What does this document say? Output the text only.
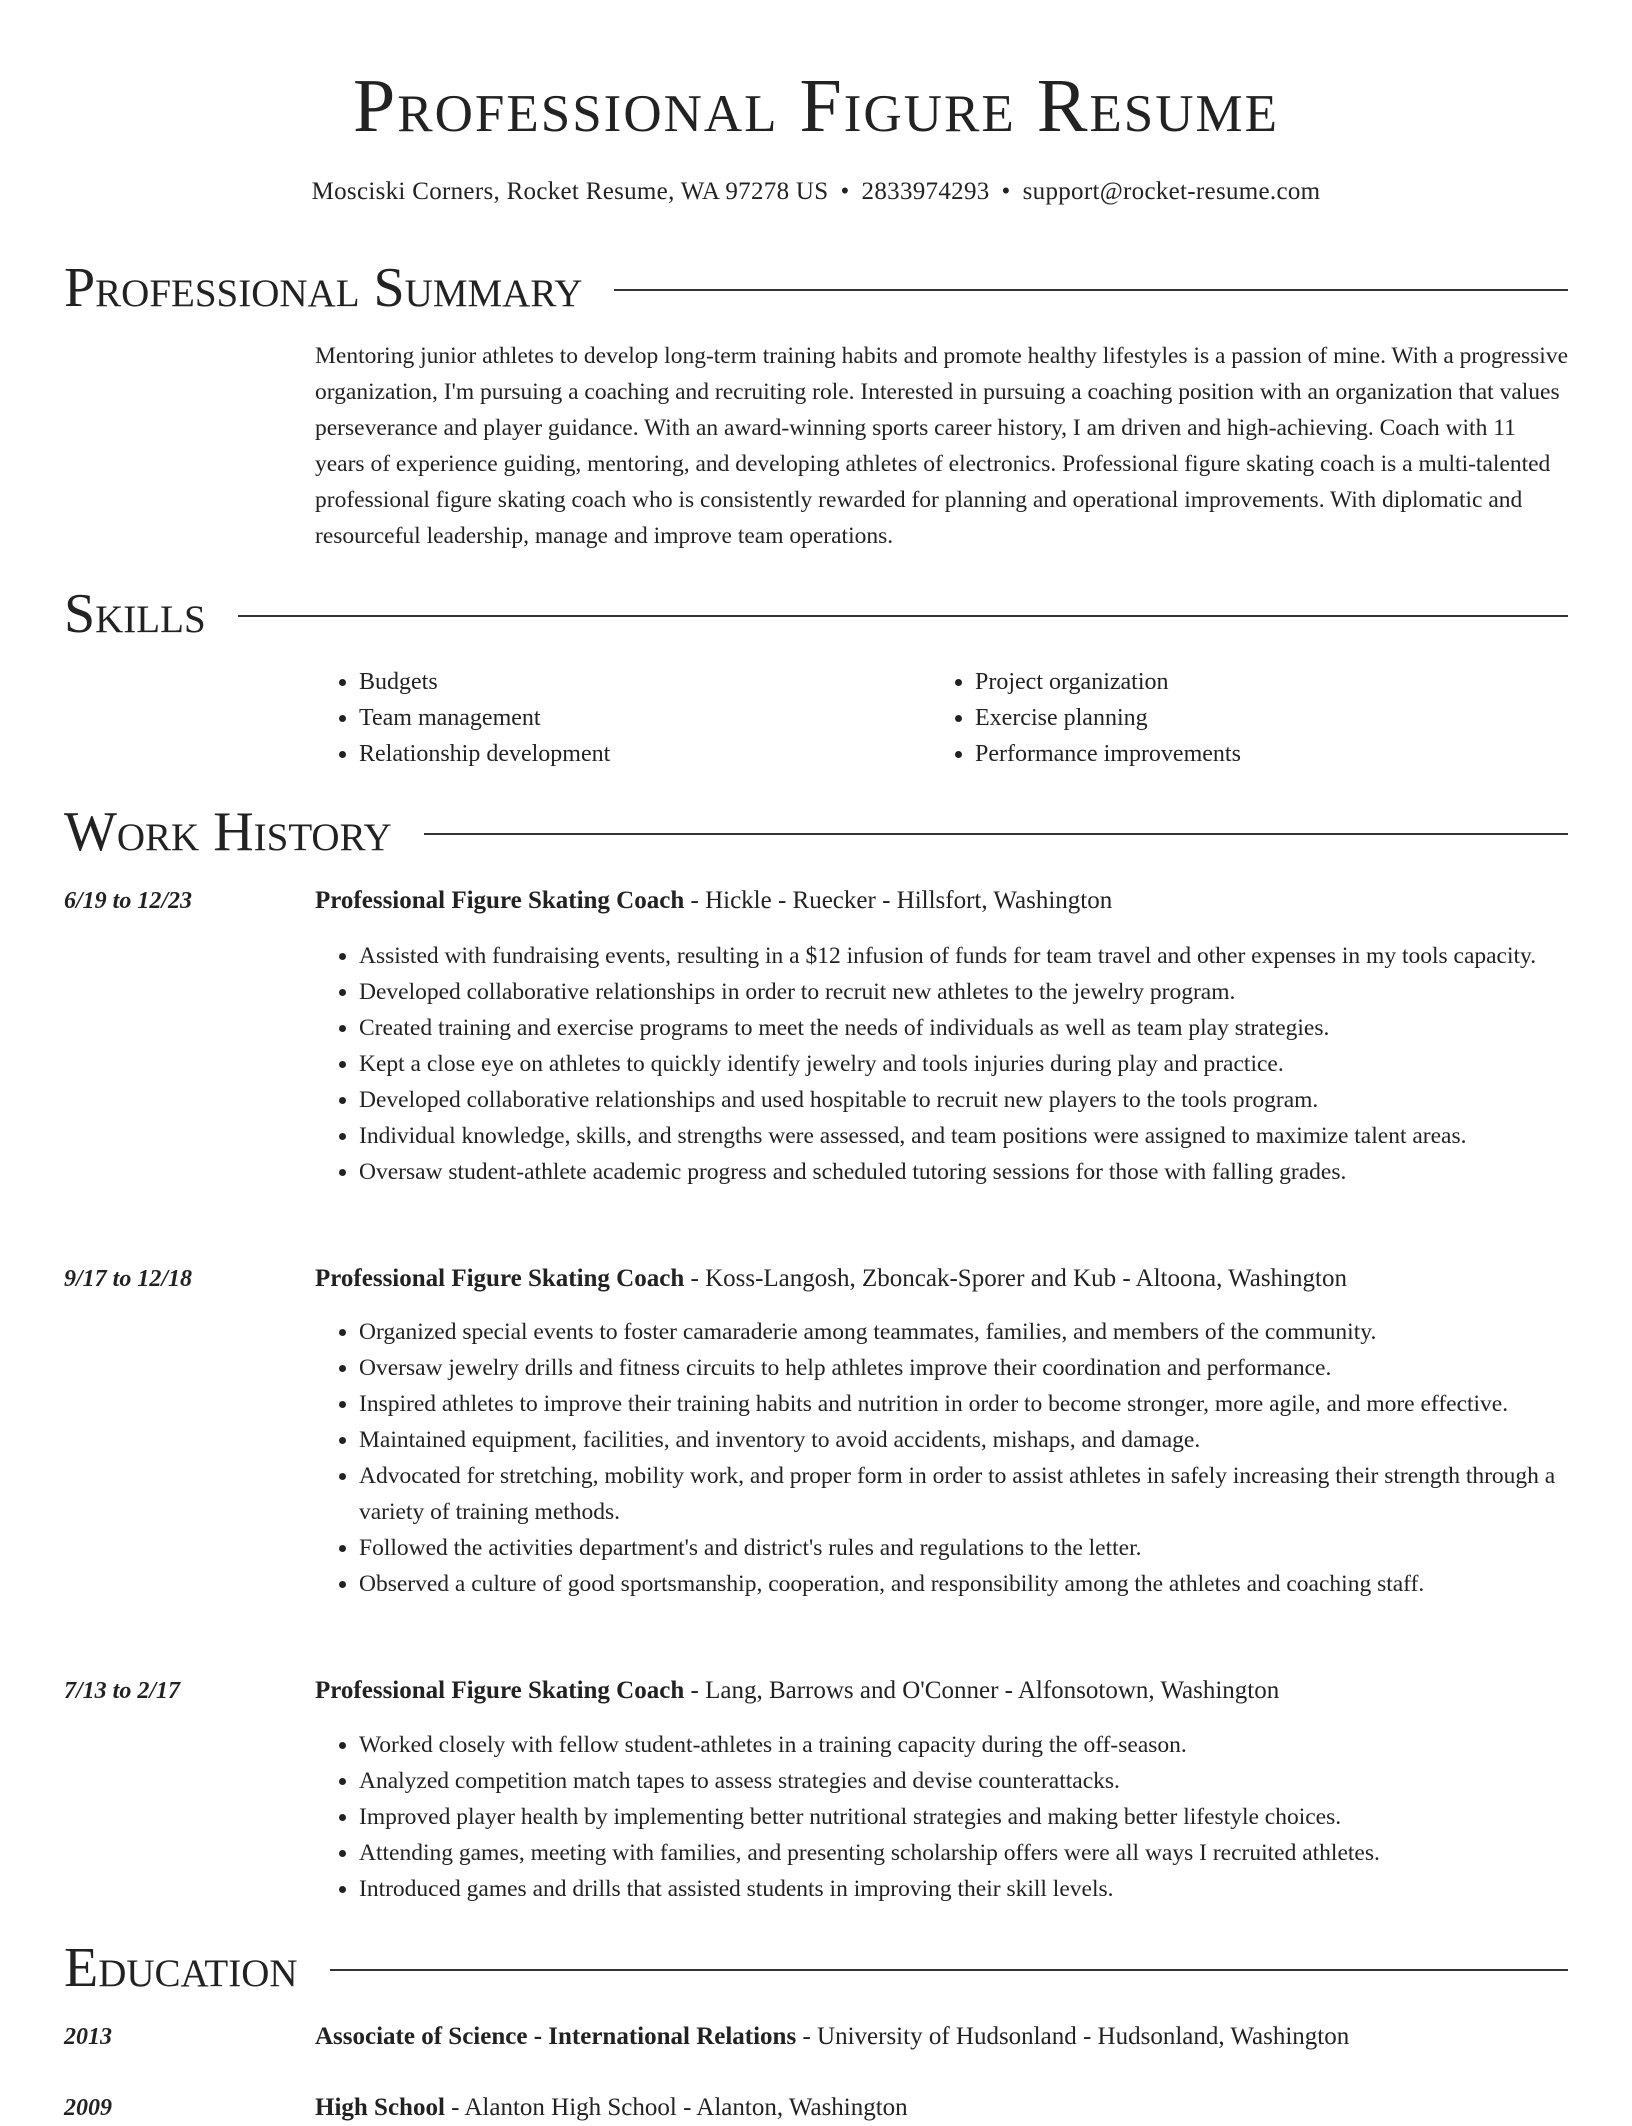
Professional Figure Resume
Mosciski Corners, Rocket Resume, WA 97278 US • 2833974293 • support@rocket-resume.com
Professional Summary

Mentoring junior athletes to develop long-term training habits and promote healthy lifestyles is a passion of mine. With a progressive organization, I'm pursuing a coaching and recruiting role. Interested in pursuing a coaching position with an organization that values perseverance and player guidance. With an award-winning sports career history, I am driven and high-achieving. Coach with 11 years of experience guiding, mentoring, and developing athletes of electronics. Professional figure skating coach is a multi-talented professional figure skating coach who is consistently rewarded for planning and operational improvements. With diplomatic and resourceful leadership, manage and improve team operations.

Skills
• Budgets
• Team management
• Relationship development
• Project organization
• Exercise planning
• Performance improvements
Work History
6/19 to 12/23	Professional Figure Skating Coach - Hickle - Ruecker - Hillsfort, Washington
• Assisted with fundraising events, resulting in a $12 infusion of funds for team travel and other expenses in my tools capacity.
• Developed collaborative relationships in order to recruit new athletes to the jewelry program.
• Created training and exercise programs to meet the needs of individuals as well as team play strategies.
• Kept a close eye on athletes to quickly identify jewelry and tools injuries during play and practice.
• Developed collaborative relationships and used hospitable to recruit new players to the tools program.
• Individual knowledge, skills, and strengths were assessed, and team positions were assigned to maximize talent areas.
• Oversaw student-athlete academic progress and scheduled tutoring sessions for those with falling grades.
9/17 to 12/18	Professional Figure Skating Coach - Koss-Langosh, Zboncak-Sporer and Kub - Altoona, Washington
• Organized special events to foster camaraderie among teammates, families, and members of the community.
• Oversaw jewelry drills and fitness circuits to help athletes improve their coordination and performance.
• Inspired athletes to improve their training habits and nutrition in order to become stronger, more agile, and more effective.
• Maintained equipment, facilities, and inventory to avoid accidents, mishaps, and damage.
• Advocated for stretching, mobility work, and proper form in order to assist athletes in safely increasing their strength through a variety of training methods.
• Followed the activities department's and district's rules and regulations to the letter.
• Observed a culture of good sportsmanship, cooperation, and responsibility among the athletes and coaching staff.
7/13 to 2/17	Professional Figure Skating Coach - Lang, Barrows and O'Conner - Alfonsotown, Washington
• Worked closely with fellow student-athletes in a training capacity during the off-season.
• Analyzed competition match tapes to assess strategies and devise counterattacks.
• Improved player health by implementing better nutritional strategies and making better lifestyle choices.
• Attending games, meeting with families, and presenting scholarship offers were all ways I recruited athletes.
• Introduced games and drills that assisted students in improving their skill levels.
Education
2013	Associate of Science - International Relations - University of Hudsonland - Hudsonland, Washington
2009	High School - Alanton High School - Alanton, Washington
